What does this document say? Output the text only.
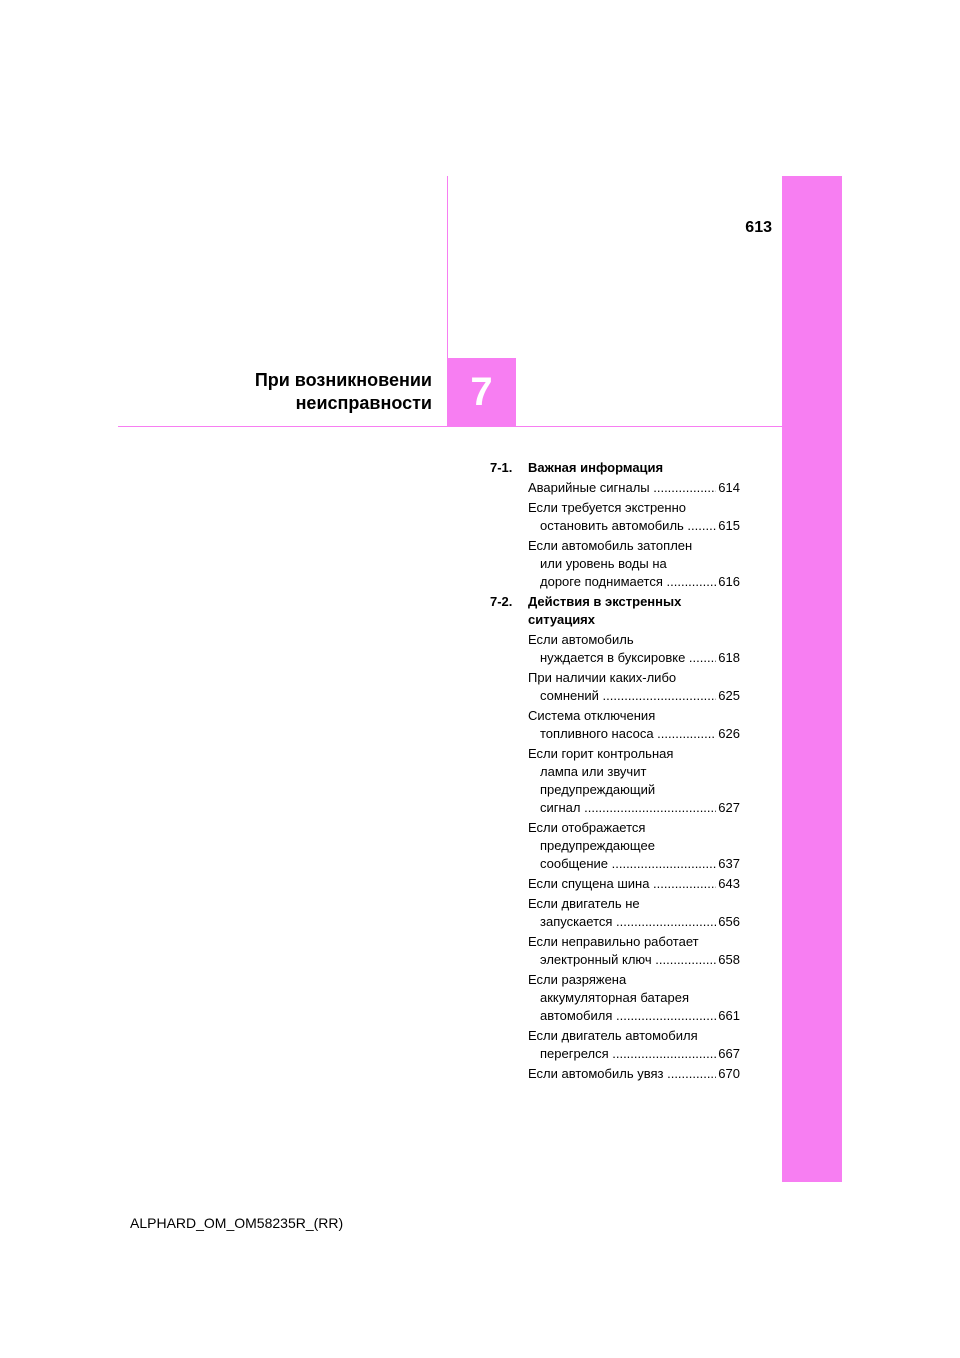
613
7
При возникновении
неисправности
7-1.	Важная информация
Аварийные сигналы .....	614
Если требуется экстренно
остановить автомобиль .....	615
Если автомобиль затоплен
или уровень воды на
дороге поднимается .....	616
7-2.	Действия в экстренных
ситуациях
Если автомобиль
нуждается в буксировке .....	618
При наличии каких-либо
сомнений .....	625
Система отключения
топливного насоса .....	626
Если горит контрольная
лампа или звучит
предупреждающий
сигнал .....	627
Если отображается
предупреждающее
сообщение .....	637
Если спущена шина .....	643
Если двигатель не
запускается .....	656
Если неправильно работает
электронный ключ .....	658
Если разряжена
аккумуляторная батарея
автомобиля .....	661
Если двигатель автомобиля
перегрелся .....	667
Если автомобиль увяз .....	670
ALPHARD_OM_OM58235R_(RR)
